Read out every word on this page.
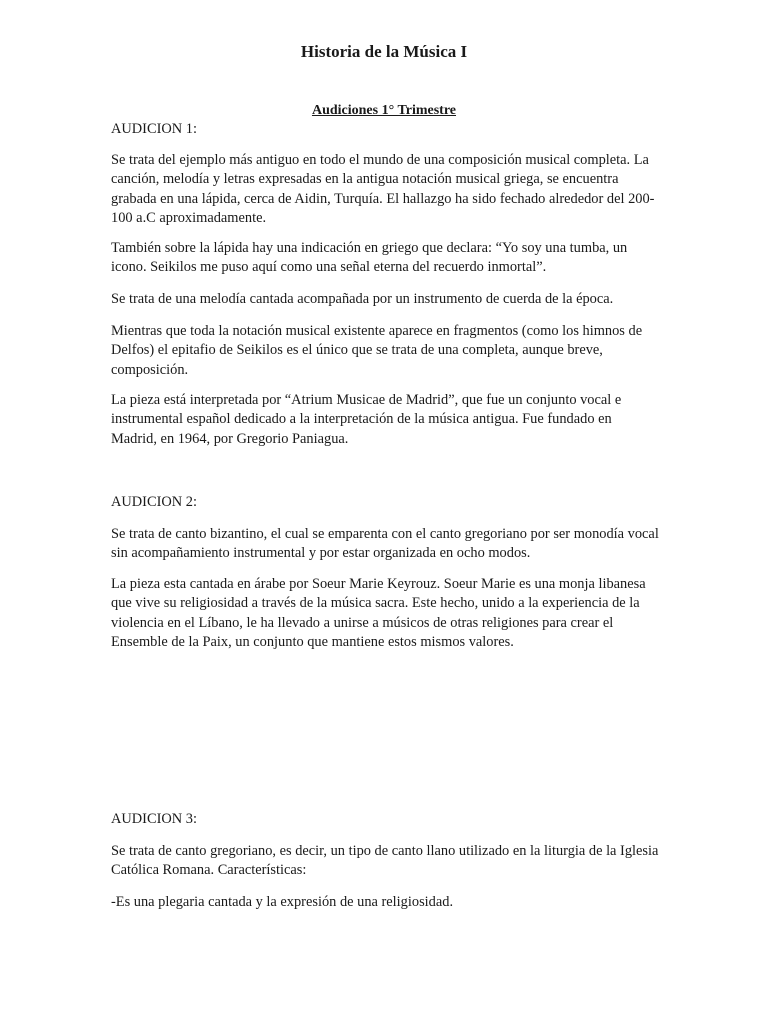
Historia de la Música I
Audiciones 1° Trimestre

AUDICION 1:

Se trata del ejemplo más antiguo en todo el mundo de una composición musical completa. La canción, melodía y letras expresadas en la antigua notación musical griega, se encuentra grabada en una lápida, cerca de Aidin, Turquía. El hallazgo ha sido fechado alrededor del 200-100 a.C aproximadamente.

También sobre la lápida hay una indicación en griego que declara: “Yo soy una tumba, un icono. Seikilos me puso aquí como una señal eterna del recuerdo inmortal”.

Se trata de una melodía cantada acompañada por un instrumento de cuerda de la época.

Mientras que toda la notación musical existente aparece en fragmentos (como los himnos de Delfos) el epitafio de Seikilos es el único que se trata de una completa, aunque breve, composición.

La pieza está interpretada por “Atrium Musicae de Madrid”, que fue un conjunto vocal e instrumental español dedicado a la interpretación de la música antigua. Fue fundado en Madrid, en 1964, por Gregorio Paniagua.

AUDICION 2:

Se trata de canto bizantino, el cual se emparenta con el canto gregoriano por ser monodía vocal sin acompañamiento instrumental y por estar organizada en ocho modos.

La pieza esta cantada en árabe por Soeur Marie Keyrouz. Soeur Marie es una monja libanesa que vive su religiosidad a través de la música sacra. Este hecho, unido a la experiencia de la violencia en el Líbano, le ha llevado a unirse a músicos de otras religiones para crear el Ensemble de la Paix, un conjunto que mantiene estos mismos valores.

AUDICION 3:

Se trata de canto gregoriano, es decir, un tipo de canto llano utilizado en la liturgia de la Iglesia Católica Romana. Características:

-Es una plegaria cantada y la expresión de una religiosidad.
